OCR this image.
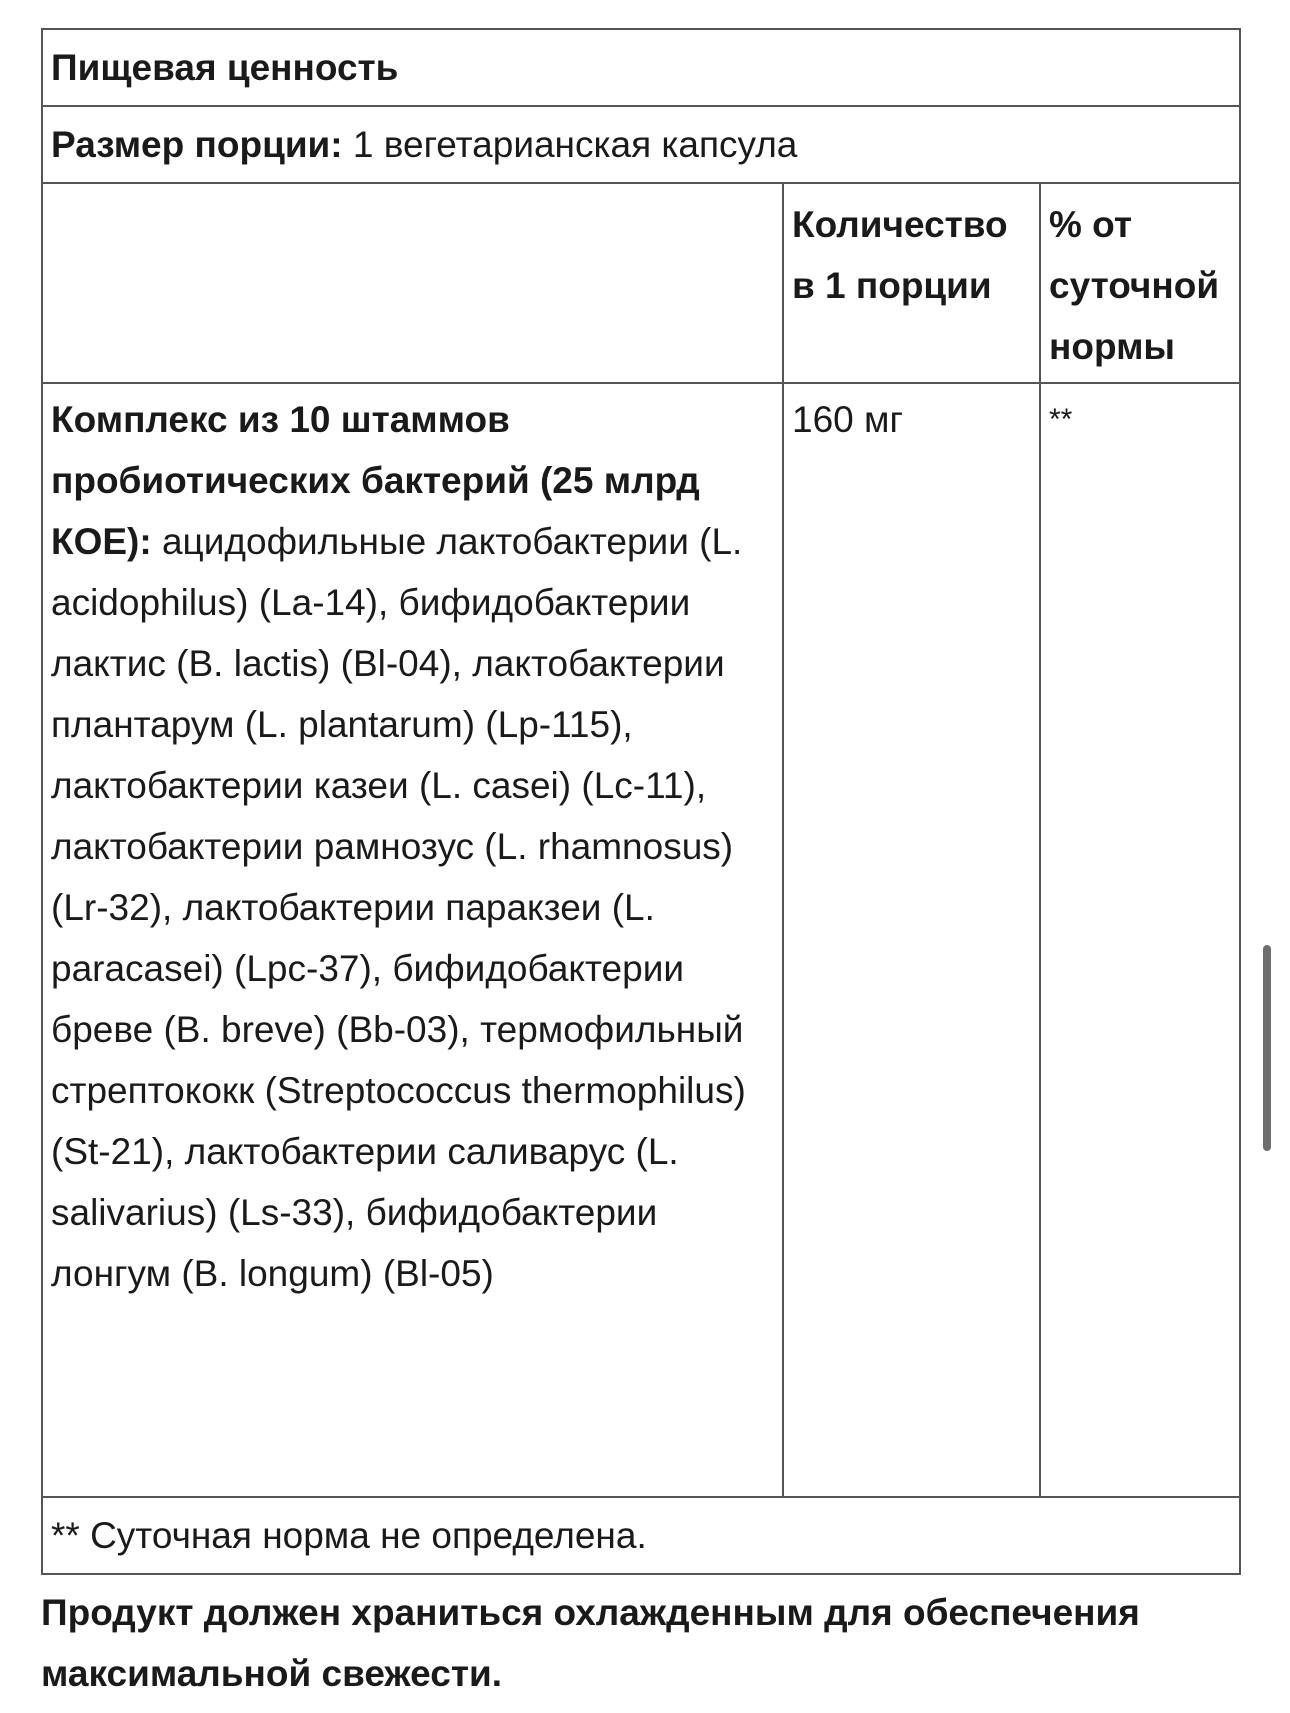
Пищевая ценность
Размер порции:
1 вегетарианская капсула
Количество в 1 порции
% от суточной нормы
Комплекс из 10 штаммов пробиотических бактерий (25 млрд КОЕ): ацидофильные лактобактерии (L. acidophilus) (La-14), бифидобактерии лактис (B. lactis) (Bl-04), лактобактерии плантарум (L. plantarum) (Lp-115), лактобактерии казеи (L. casei) (Lc-11), лактобактерии рамнозус (L. rhamnosus) (Lr-32), лактобактерии паракзеи (L. paracasei) (Lpc-37), бифидобактерии бреве (B. breve) (Bb-03), термофильный стрептококк (Streptococcus thermophilus) (St-21), лактобактерии саливарус (L. salivarius) (Ls-33), бифидобактерии лонгум (B. longum) (Bl-05)
160 мг	**
** Суточная норма не определена.
Продукт должен храниться охлажденным для обеспечения максимальной свежести.
